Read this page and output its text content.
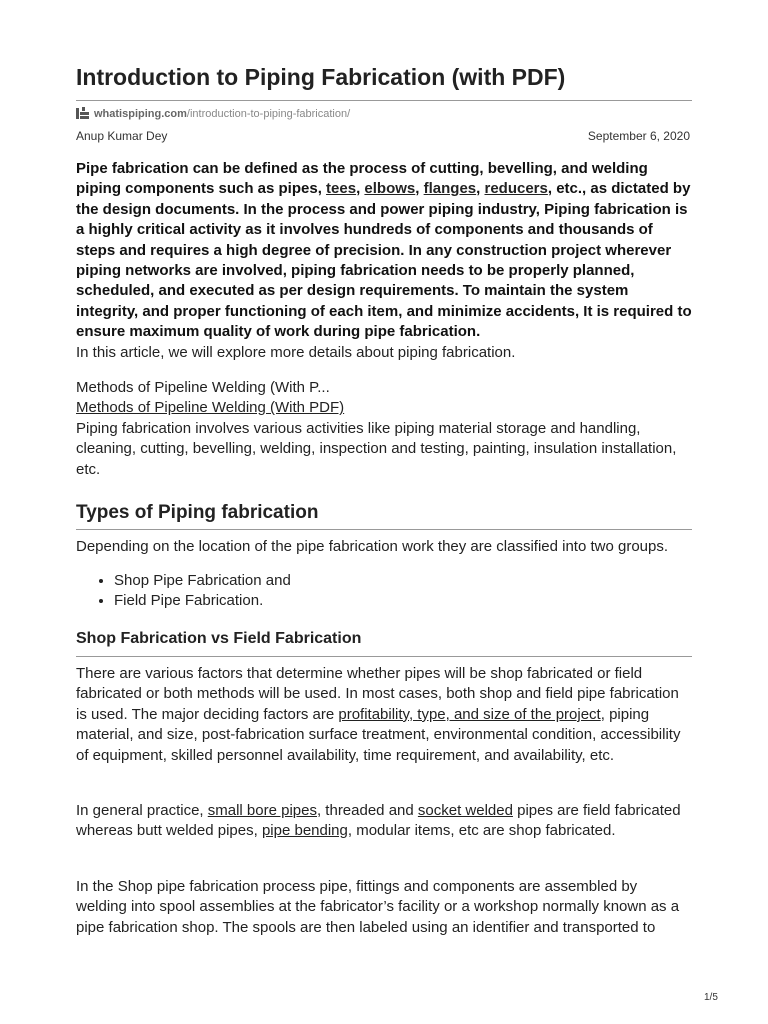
Introduction to Piping Fabrication (with PDF)
whatispiping.com/introduction-to-piping-fabrication/
Anup Kumar Dey	September 6, 2020

Pipe fabrication can be defined as the process of cutting, bevelling, and welding piping components such as pipes, tees, elbows, flanges, reducers, etc., as dictated by the design documents. In the process and power piping industry, Piping fabrication is a highly critical activity as it involves hundreds of components and thousands of steps and requires a high degree of precision. In any construction project wherever piping networks are involved, piping fabrication needs to be properly planned, scheduled, and executed as per design requirements. To maintain the system integrity, and proper functioning of each item, and minimize accidents, It is required to ensure maximum quality of work during pipe fabrication.

In this article, we will explore more details about piping fabrication.

Methods of Pipeline Welding (With P...

Methods of Pipeline Welding (With PDF)

Piping fabrication involves various activities like piping material storage and handling, cleaning, cutting, bevelling, welding, inspection and testing, painting, insulation installation, etc.

Types of Piping fabrication
Depending on the location of the pipe fabrication work they are classified into two groups.
• Shop Pipe Fabrication and
• Field Pipe Fabrication.
Shop Fabrication vs Field Fabrication

There are various factors that determine whether pipes will be shop fabricated or field fabricated or both methods will be used. In most cases, both shop and field pipe fabrication is used. The major deciding factors are profitability, type, and size of the project, piping material, and size, post-fabrication surface treatment, environmental condition, accessibility of equipment, skilled personnel availability, time requirement, and availability, etc.

In general practice, small bore pipes, threaded and socket welded pipes are field fabricated whereas butt welded pipes, pipe bending, modular items, etc are shop fabricated.

In the Shop pipe fabrication process pipe, fittings and components are assembled by welding into spool assemblies at the fabricator’s facility or a workshop normally known as a pipe fabrication shop. The spools are then labeled using an identifier and transported to
1/5
